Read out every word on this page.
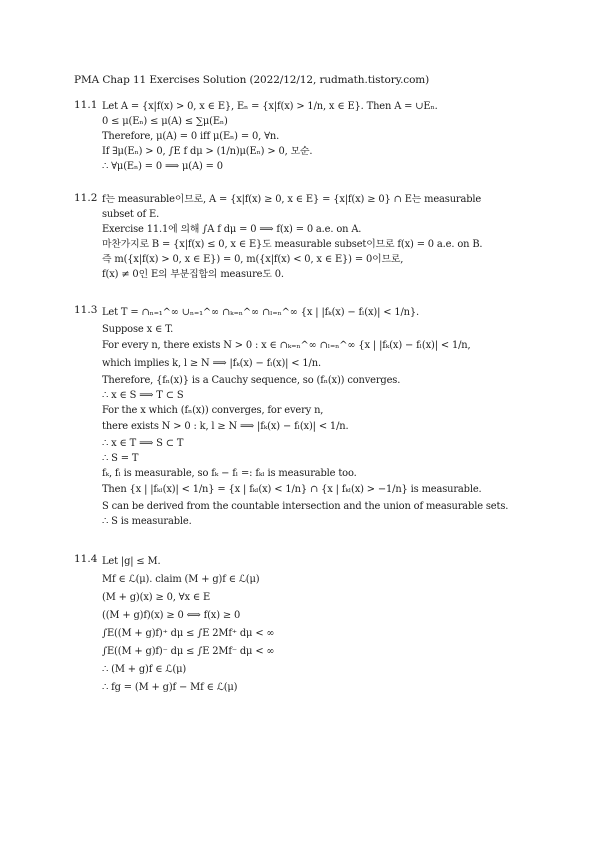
PMA Chap 11 Exercises Solution (2022/12/12, rudmath.tistory.com)
11.1 Let A = {x|f(x) > 0, x ∈ E}, Eₙ = {x|f(x) > 1/n, x ∈ E}. Then A = ∪Eₙ.
0 ≤ μ(Eₙ) ≤ μ(A) ≤ ∑μ(Eₙ)
Therefore, μ(A) = 0 iff μ(Eₙ) = 0, ∀n.
If ∃μ(Eₙ) > 0, ∫E f dμ > (1/n)μ(Eₙ) > 0, 모순.
∴ ∀μ(Eₙ) = 0 ⟹ μ(A) = 0
11.2 f는 measurable이므로, A = {x|f(x) ≥ 0, x ∈ E} = {x|f(x) ≥ 0} ∩ E는 measurable
subset of E.
Exercise 11.1에 의해 ∫A f dμ = 0 ⟹ f(x) = 0 a.e. on A.
마찬가지로 B = {x|f(x) ≤ 0, x ∈ E}도 measurable subset이므로 f(x) = 0 a.e. on B.
즉 m({x|f(x) > 0, x ∈ E}) = 0, m({x|f(x) < 0, x ∈ E}) = 0이므로,
f(x) ≠ 0인 E의 부분집합의 measure도 0.
11.3 Let T = ∩ₙ₌₁^∞ ∪ₙ₌₁^∞ ∩ₖ₌ₙ^∞ ∩ₗ₌ₙ^∞ {x | |fₖ(x) − fₗ(x)| < 1/n}.
Suppose x ∈ T.
For every n, there exists N > 0 : x ∈ ∩ₖ₌ₙ^∞ ∩ₗ₌ₙ^∞ {x | |fₖ(x) − fₗ(x)| < 1/n,
which implies k, l ≥ N ⟹ |fₖ(x) − fₗ(x)| < 1/n.
Therefore, {fₙ(x)} is a Cauchy sequence, so (fₙ(x)) converges.
∴ x ∈ S ⟹ T ⊂ S
For the x which (fₙ(x)) converges, for every n,
there exists N > 0 : k, l ≥ N ⟹ |fₖ(x) − fₗ(x)| < 1/n.
∴ x ∈ T ⟹ S ⊂ T
∴ S = T
fₖ, fₗ is measurable, so fₖ − fₗ =: fₖₗ is measurable too.
Then {x | |fₖₗ(x)| < 1/n} = {x | fₖₗ(x) < 1/n} ∩ {x | fₖₗ(x) > −1/n} is measurable.
S can be derived from the countable intersection and the union of measurable sets.
∴ S is measurable.
11.4 Let |g| ≤ M.
Mf ∈ ℒ(μ). claim (M + g)f ∈ ℒ(μ)
(M + g)(x) ≥ 0, ∀x ∈ E
((M + g)f)(x) ≥ 0 ⟺ f(x) ≥ 0
∫E((M + g)f)⁺ dμ ≤ ∫E 2Mf⁺ dμ < ∞
∫E((M + g)f)⁻ dμ ≤ ∫E 2Mf⁻ dμ < ∞
∴ (M + g)f ∈ ℒ(μ)
∴ fg = (M + g)f − Mf ∈ ℒ(μ)
